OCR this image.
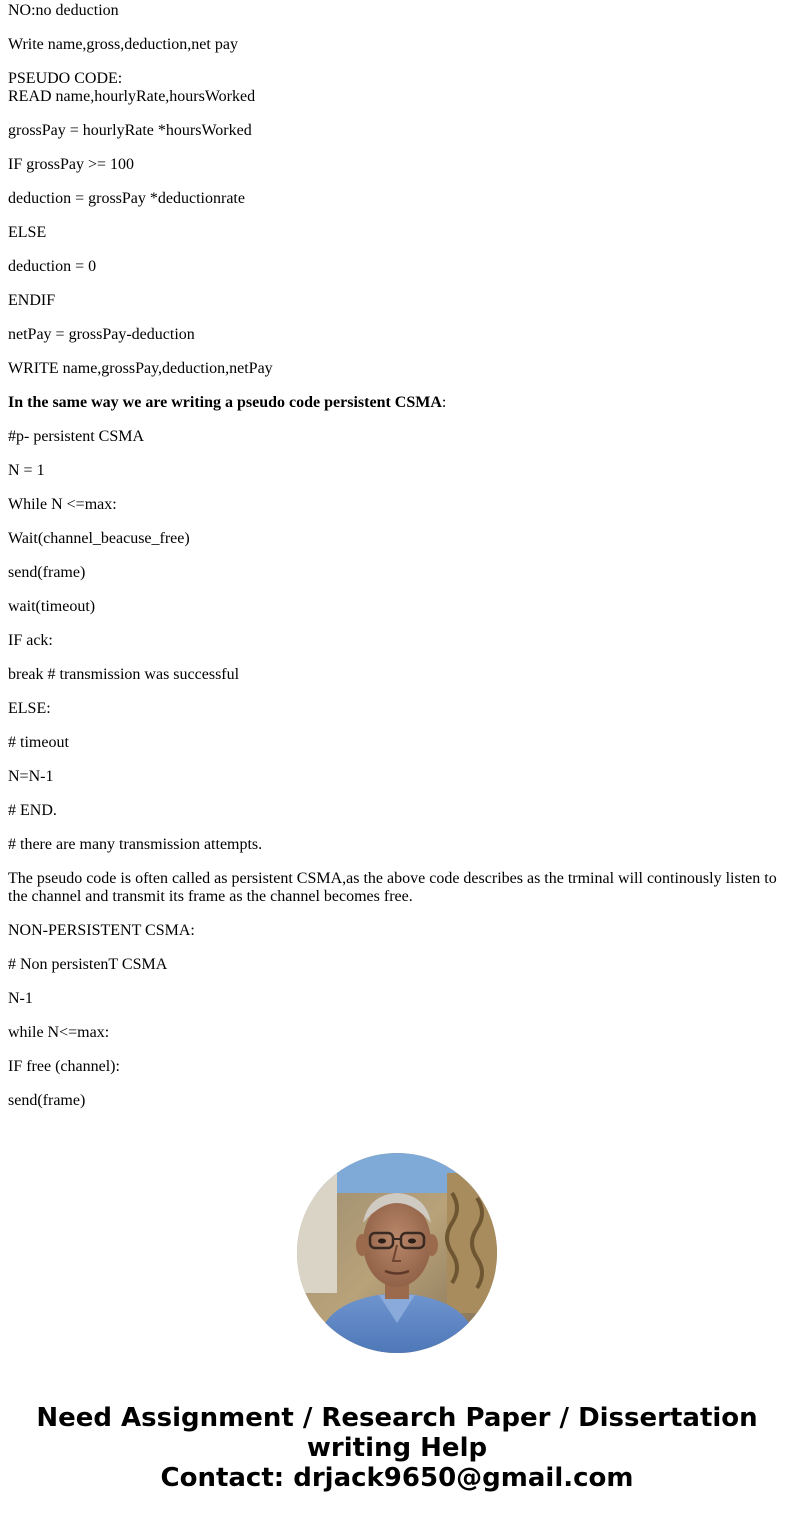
NO:no deduction

Write name,gross,deduction,net pay

PSEUDO CODE:

READ name,hourlyRate,hoursWorked

grossPay = hourlyRate *hoursWorked

IF grossPay >= 100

deduction = grossPay *deductionrate

ELSE

deduction = 0

ENDIF

netPay = grossPay-deduction

WRITE name,grossPay,deduction,netPay

In the same way we are writing a pseudo code persistent CSMA:

#p- persistent CSMA

N = 1

While N <=max:

Wait(channel_beacuse_free)

send(frame)

wait(timeout)

IF ack:

break # transmission was successful

ELSE:

# timeout

N=N-1

# END.

# there are many transmission attempts.

The pseudo code is often called as persistent CSMA,as the above code describes as the trminal will continously listen to the channel and transmit its frame as the channel becomes free.

NON-PERSISTENT CSMA:

# Non persistenT CSMA

N-1

while N<=max:

IF free (channel):

send(frame)

Need Assignment / Research Paper / Dissertation
writing Help
Contact: drjack9650@gmail.com
